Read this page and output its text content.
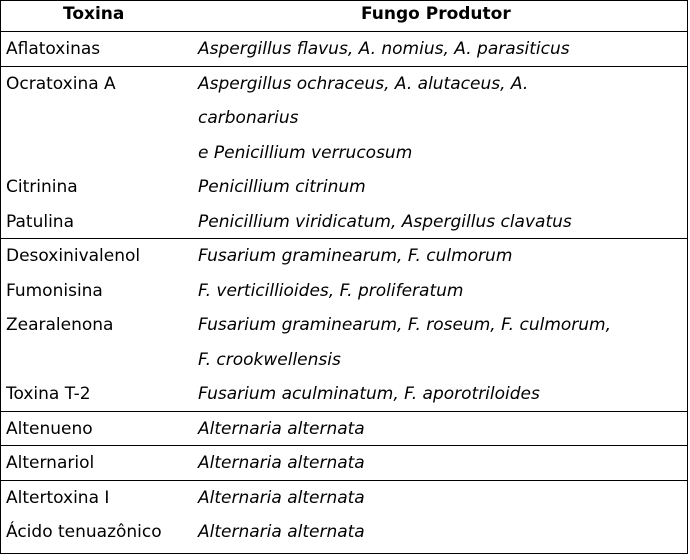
Toxina	Fungo Produtor
Aflatoxinas	Aspergillus flavus, A. nomius, A. parasiticus
Ocratoxina A	Aspergillus ochraceus, A. alutaceus, A.
carbonarius
e Penicillium verrucosum
Citrinina	Penicillium citrinum
Patulina	Penicillium viridicatum, Aspergillus clavatus
Desoxinivalenol	Fusarium graminearum, F. culmorum
Fumonisina	F. verticillioides, F. proliferatum
Zearalenona	Fusarium graminearum, F. roseum, F. culmorum,
F. crookwellensis
Toxina T-2	Fusarium aculminatum, F. aporotriloides
Altenueno	Alternaria alternata
Alternariol	Alternaria alternata
Altertoxina I	Alternaria alternata
Ácido tenuazônico Alternaria alternata
